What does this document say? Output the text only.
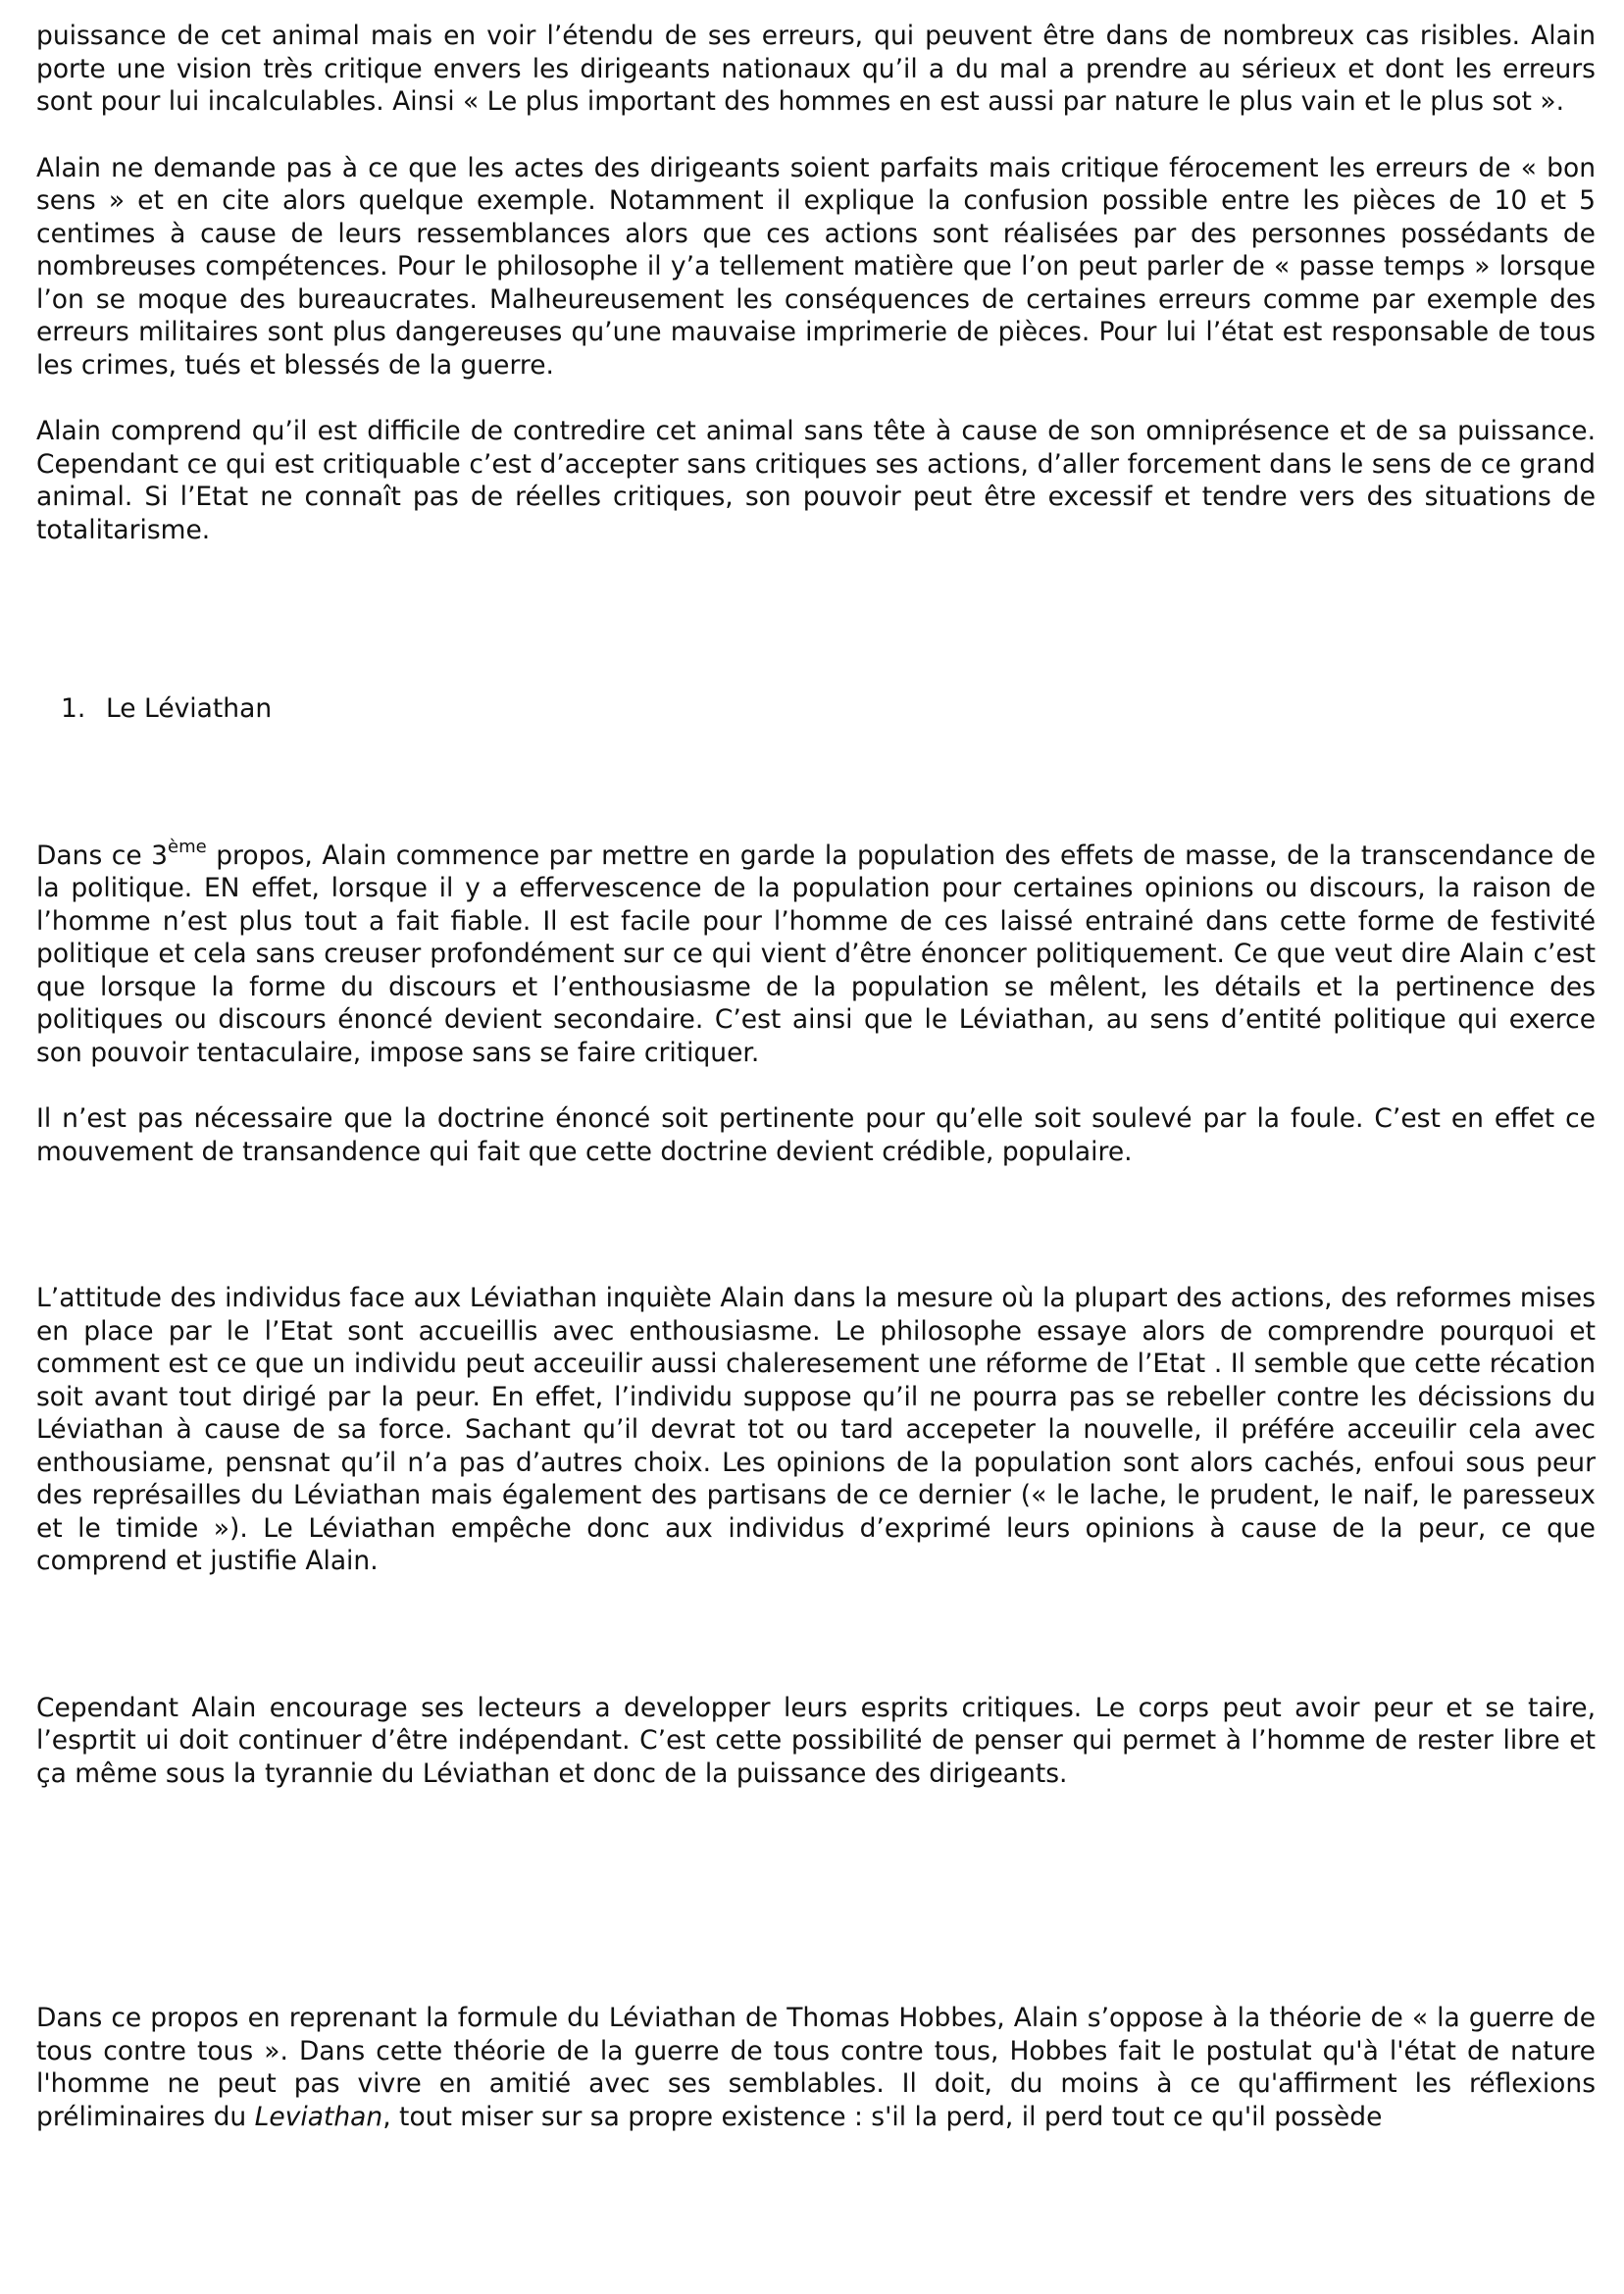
puissance de cet animal mais en voir l’étendu de ses erreurs, qui peuvent être dans de nombreux cas risibles. Alain porte une vision très critique envers les dirigeants nationaux qu’il a du mal a prendre au sérieux et dont les erreurs sont pour lui incalculables. Ainsi « Le plus important des hommes en est aussi par nature le plus vain et le plus sot ».

Alain ne demande pas à ce que les actes des dirigeants soient parfaits mais critique férocement les erreurs de « bon sens » et en cite alors quelque exemple. Notamment il explique la confusion possible entre les pièces de 10 et 5 centimes à cause de leurs ressemblances alors que ces actions sont réalisées par des personnes possédants de nombreuses compétences. Pour le philosophe il y’a tellement matière que l’on peut parler de « passe temps » lorsque l’on se moque des bureaucrates. Malheureusement les conséquences de certaines erreurs comme par exemple des erreurs militaires sont plus dangereuses qu’une mauvaise imprimerie de pièces. Pour lui l’état est responsable de tous les crimes, tués et blessés de la guerre.

Alain comprend qu’il est difficile de contredire cet animal sans tête à cause de son omniprésence et de sa puissance. Cependant ce qui est critiquable c’est d’accepter sans critiques ses actions, d’aller forcement dans le sens de ce grand animal. Si l’Etat ne connaît pas de réelles critiques, son pouvoir peut être excessif et tendre vers des situations de totalitarisme.

1. Le Léviathan

Dans ce 3ème propos, Alain commence par mettre en garde la population des effets de masse, de la transcendance de la politique. EN effet, lorsque il y a effervescence de la population pour certaines opinions ou discours, la raison de l’homme n’est plus tout a fait fiable. Il est facile pour l’homme de ces laissé entrainé dans cette forme de festivité politique et cela sans creuser profondément sur ce qui vient d’être énoncer politiquement. Ce que veut dire Alain c’est que lorsque la forme du discours et l’enthousiasme de la population se mêlent, les détails et la pertinence des politiques ou discours énoncé devient secondaire. C’est ainsi que le Léviathan, au sens d’entité politique qui exerce son pouvoir tentaculaire, impose sans se faire critiquer.

Il n’est pas nécessaire que la doctrine énoncé soit pertinente pour qu’elle soit soulevé par la foule. C’est en effet ce mouvement de transandence qui fait que cette doctrine devient crédible, populaire.

L’attitude des individus face aux Léviathan inquiète Alain dans la mesure où la plupart des actions, des reformes mises en place par le l’Etat sont accueillis avec enthousiasme. Le philosophe essaye alors de comprendre pourquoi et comment est ce que un individu peut acceuilir aussi chaleresement une réforme de l’Etat . Il semble que cette récation soit avant tout dirigé par la peur. En effet, l’individu suppose qu’il ne pourra pas se rebeller contre les décissions du Léviathan à cause de sa force. Sachant qu’il devrat tot ou tard accepeter la nouvelle, il préfére acceuilir cela avec enthousiame, pensnat qu’il n’a pas d’autres choix. Les opinions de la population sont alors cachés, enfoui sous peur des représailles du Léviathan mais également des partisans de ce dernier (« le lache, le prudent, le naif, le paresseux et le timide »). Le Léviathan empêche donc aux individus d’exprimé leurs opinions à cause de la peur, ce que comprend et justifie Alain.

Cependant Alain encourage ses lecteurs a developper leurs esprits critiques. Le corps peut avoir peur et se taire, l’esprtit ui doit continuer d’être indépendant. C’est cette possibilité de penser qui permet à l’homme de rester libre et ça même sous la tyrannie du Léviathan et donc de la puissance des dirigeants.

Dans ce propos en reprenant la formule du Léviathan de Thomas Hobbes, Alain s’oppose à la théorie de « la guerre de tous contre tous ». Dans cette théorie de la guerre de tous contre tous, Hobbes fait le postulat qu'à l'état de nature l'homme ne peut pas vivre en amitié avec ses semblables. Il doit, du moins à ce qu'affirment les réflexions préliminaires du Leviathan, tout miser sur sa propre existence : s'il la perd, il perd tout ce qu'il possède
